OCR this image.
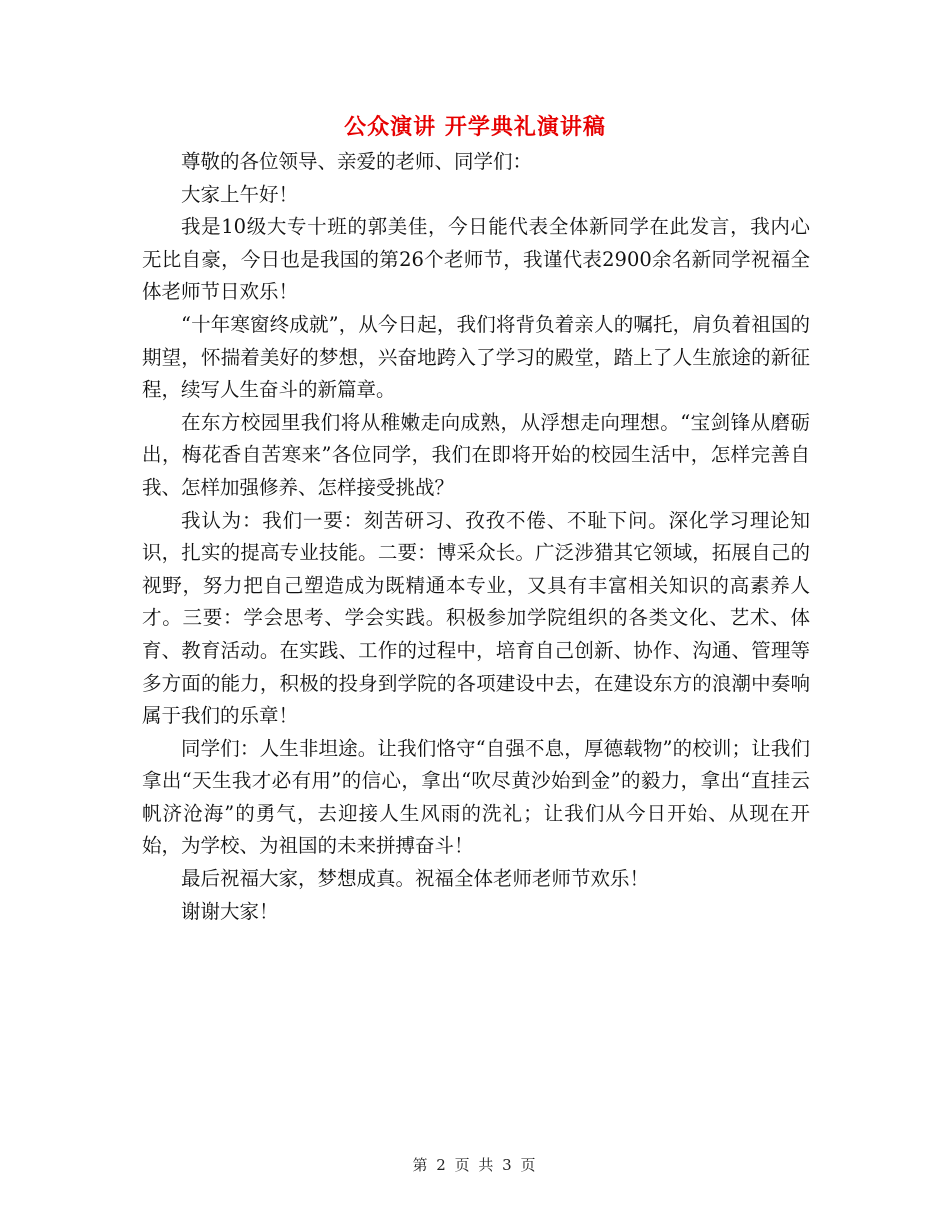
公众演讲 开学典礼演讲稿

尊敬的各位领导、亲爱的老师、同学们：

大家上午好！

我是10级大专十班的郭美佳，今日能代表全体新同学在此发言，我内心无比自豪，今日也是我国的第26个老师节，我谨代表2900余名新同学祝福全体老师节日欢乐！

“十年寒窗终成就”，从今日起，我们将背负着亲人的嘱托，肩负着祖国的期望，怀揣着美好的梦想，兴奋地跨入了学习的殿堂，踏上了人生旅途的新征程，续写人生奋斗的新篇章。

在东方校园里我们将从稚嫩走向成熟，从浮想走向理想。“宝剑锋从磨砺出，梅花香自苦寒来”各位同学，我们在即将开始的校园生活中，怎样完善自我、怎样加强修养、怎样接受挑战？

我认为：我们一要：刻苦研习、孜孜不倦、不耻下问。深化学习理论知识，扎实的提高专业技能。二要：博采众长。广泛涉猎其它领域，拓展自己的视野，努力把自己塑造成为既精通本专业，又具有丰富相关知识的高素养人才。三要：学会思考、学会实践。积极参加学院组织的各类文化、艺术、体育、教育活动。在实践、工作的过程中，培育自己创新、协作、沟通、管理等多方面的能力，积极的投身到学院的各项建设中去，在建设东方的浪潮中奏响属于我们的乐章！

同学们：人生非坦途。让我们恪守“自强不息，厚德载物”的校训；让我们拿出“天生我才必有用”的信心，拿出“吹尽黄沙始到金”的毅力，拿出“直挂云帆济沧海”的勇气，去迎接人生风雨的洗礼；让我们从今日开始、从现在开始，为学校、为祖国的未来拼搏奋斗！

最后祝福大家，梦想成真。祝福全体老师老师节欢乐！

谢谢大家！

第 2 页 共 3 页
